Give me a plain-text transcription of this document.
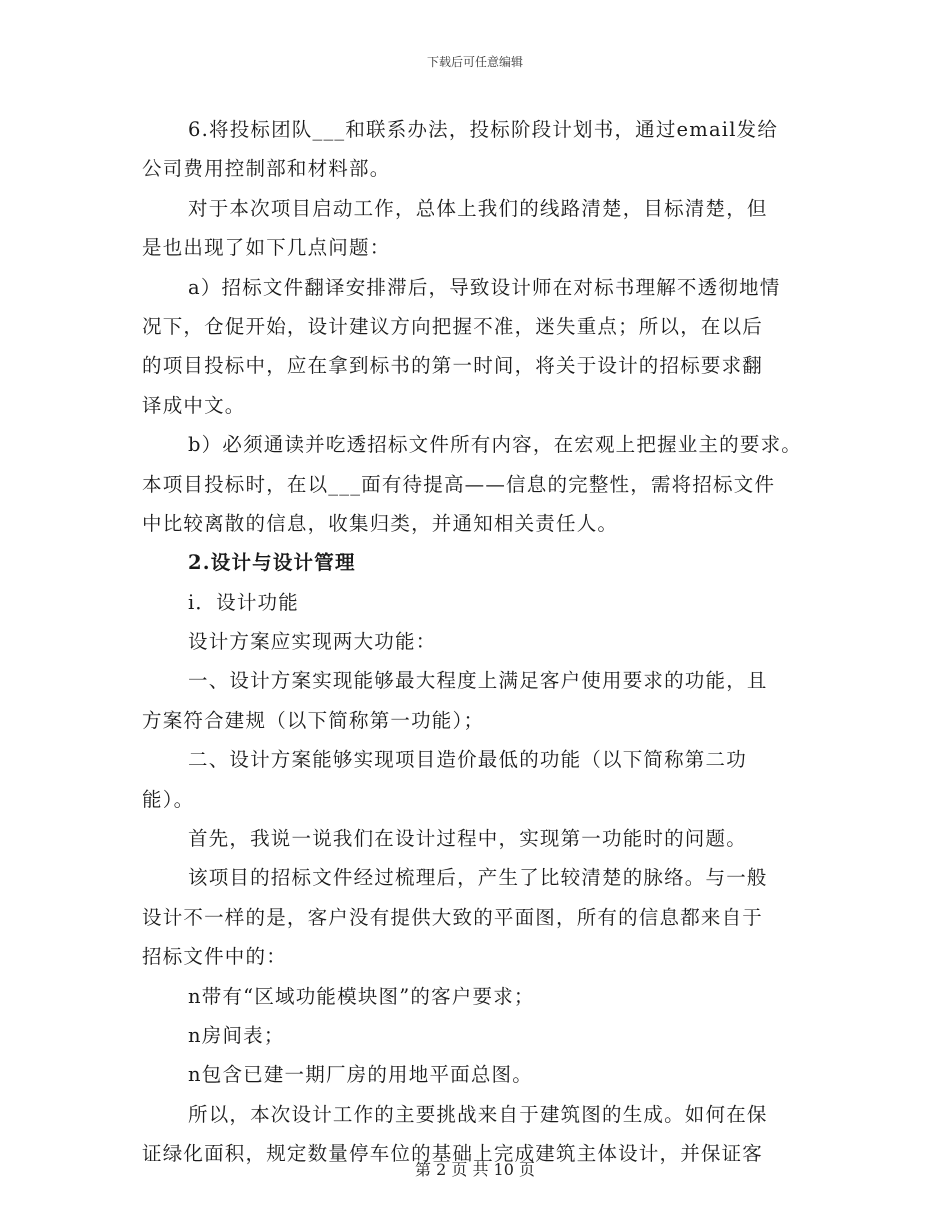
下载后可任意编辑
6.将投标团队___和联系办法，投标阶段计划书，通过email发给
公司费用控制部和材料部。
对于本次项目启动工作，总体上我们的线路清楚，目标清楚，但
是也出现了如下几点问题：
a）招标文件翻译安排滞后，导致设计师在对标书理解不透彻地情
况下，仓促开始，设计建议方向把握不准，迷失重点；所以，在以后
的项目投标中，应在拿到标书的第一时间，将关于设计的招标要求翻
译成中文。
b）必须通读并吃透招标文件所有内容，在宏观上把握业主的要求。
本项目投标时，在以___面有待提高——信息的完整性，需将招标文件
中比较离散的信息，收集归类，并通知相关责任人。
2.设计与设计管理
i．设计功能
设计方案应实现两大功能：
一、设计方案实现能够最大程度上满足客户使用要求的功能，且
方案符合建规（以下简称第一功能）；
二、设计方案能够实现项目造价最低的功能（以下简称第二功
能）。
首先，我说一说我们在设计过程中，实现第一功能时的问题。
该项目的招标文件经过梳理后，产生了比较清楚的脉络。与一般
设计不一样的是，客户没有提供大致的平面图，所有的信息都来自于
招标文件中的：
n带有“区域功能模块图”的客户要求；
n房间表；
n包含已建一期厂房的用地平面总图。
所以，本次设计工作的主要挑战来自于建筑图的生成。如何在保
证绿化面积，规定数量停车位的基础上完成建筑主体设计，并保证客
第 2 页 共 10 页
